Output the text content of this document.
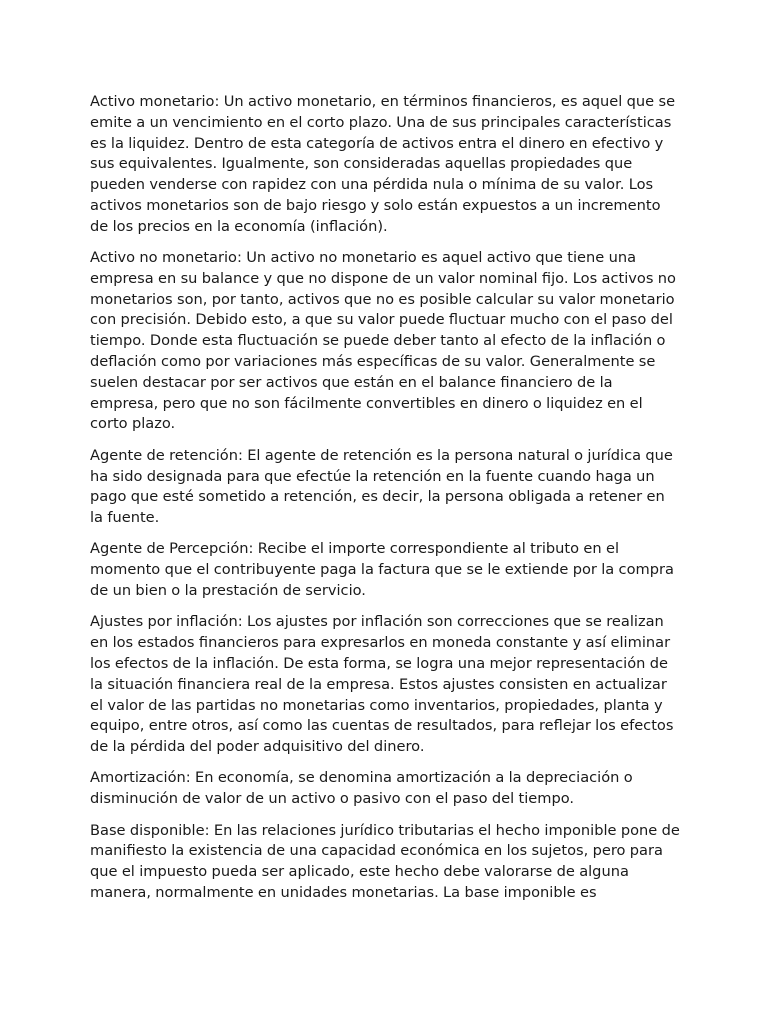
Activo monetario: Un activo monetario, en términos financieros, es aquel que se emite a un vencimiento en el corto plazo. Una de sus principales características es la liquidez. Dentro de esta categoría de activos entra el dinero en efectivo y sus equivalentes. Igualmente, son consideradas aquellas propiedades que pueden venderse con rapidez con una pérdida nula o mínima de su valor. Los activos monetarios son de bajo riesgo y solo están expuestos a un incremento de los precios en la economía (inflación).

Activo no monetario: Un activo no monetario es aquel activo que tiene una empresa en su balance y que no dispone de un valor nominal fijo. Los activos no monetarios son, por tanto, activos que no es posible calcular su valor monetario con precisión. Debido esto, a que su valor puede fluctuar mucho con el paso del tiempo. Donde esta fluctuación se puede deber tanto al efecto de la inflación o deflación como por variaciones más específicas de su valor. Generalmente se suelen destacar por ser activos que están en el balance financiero de la empresa, pero que no son fácilmente convertibles en dinero o liquidez en el corto plazo.

Agente de retención: El agente de retención es la persona natural o jurídica que ha sido designada para que efectúe la retención en la fuente cuando haga un pago que esté sometido a retención, es decir, la persona obligada a retener en la fuente.

Agente de Percepción: Recibe el importe correspondiente al tributo en el momento que el contribuyente paga la factura que se le extiende por la compra de un bien o la prestación de servicio.

Ajustes por inflación: Los ajustes por inflación son correcciones que se realizan en los estados financieros para expresarlos en moneda constante y así eliminar los efectos de la inflación. De esta forma, se logra una mejor representación de la situación financiera real de la empresa. Estos ajustes consisten en actualizar el valor de las partidas no monetarias como inventarios, propiedades, planta y equipo, entre otros, así como las cuentas de resultados, para reflejar los efectos de la pérdida del poder adquisitivo del dinero.

Amortización: En economía, se denomina amortización a la depreciación o disminución de valor de un activo o pasivo con el paso del tiempo.

Base disponible: En las relaciones jurídico tributarias el hecho imponible pone de manifiesto la existencia de una capacidad económica en los sujetos, pero para que el impuesto pueda ser aplicado, este hecho debe valorarse de alguna manera, normalmente en unidades monetarias. La base imponible es
